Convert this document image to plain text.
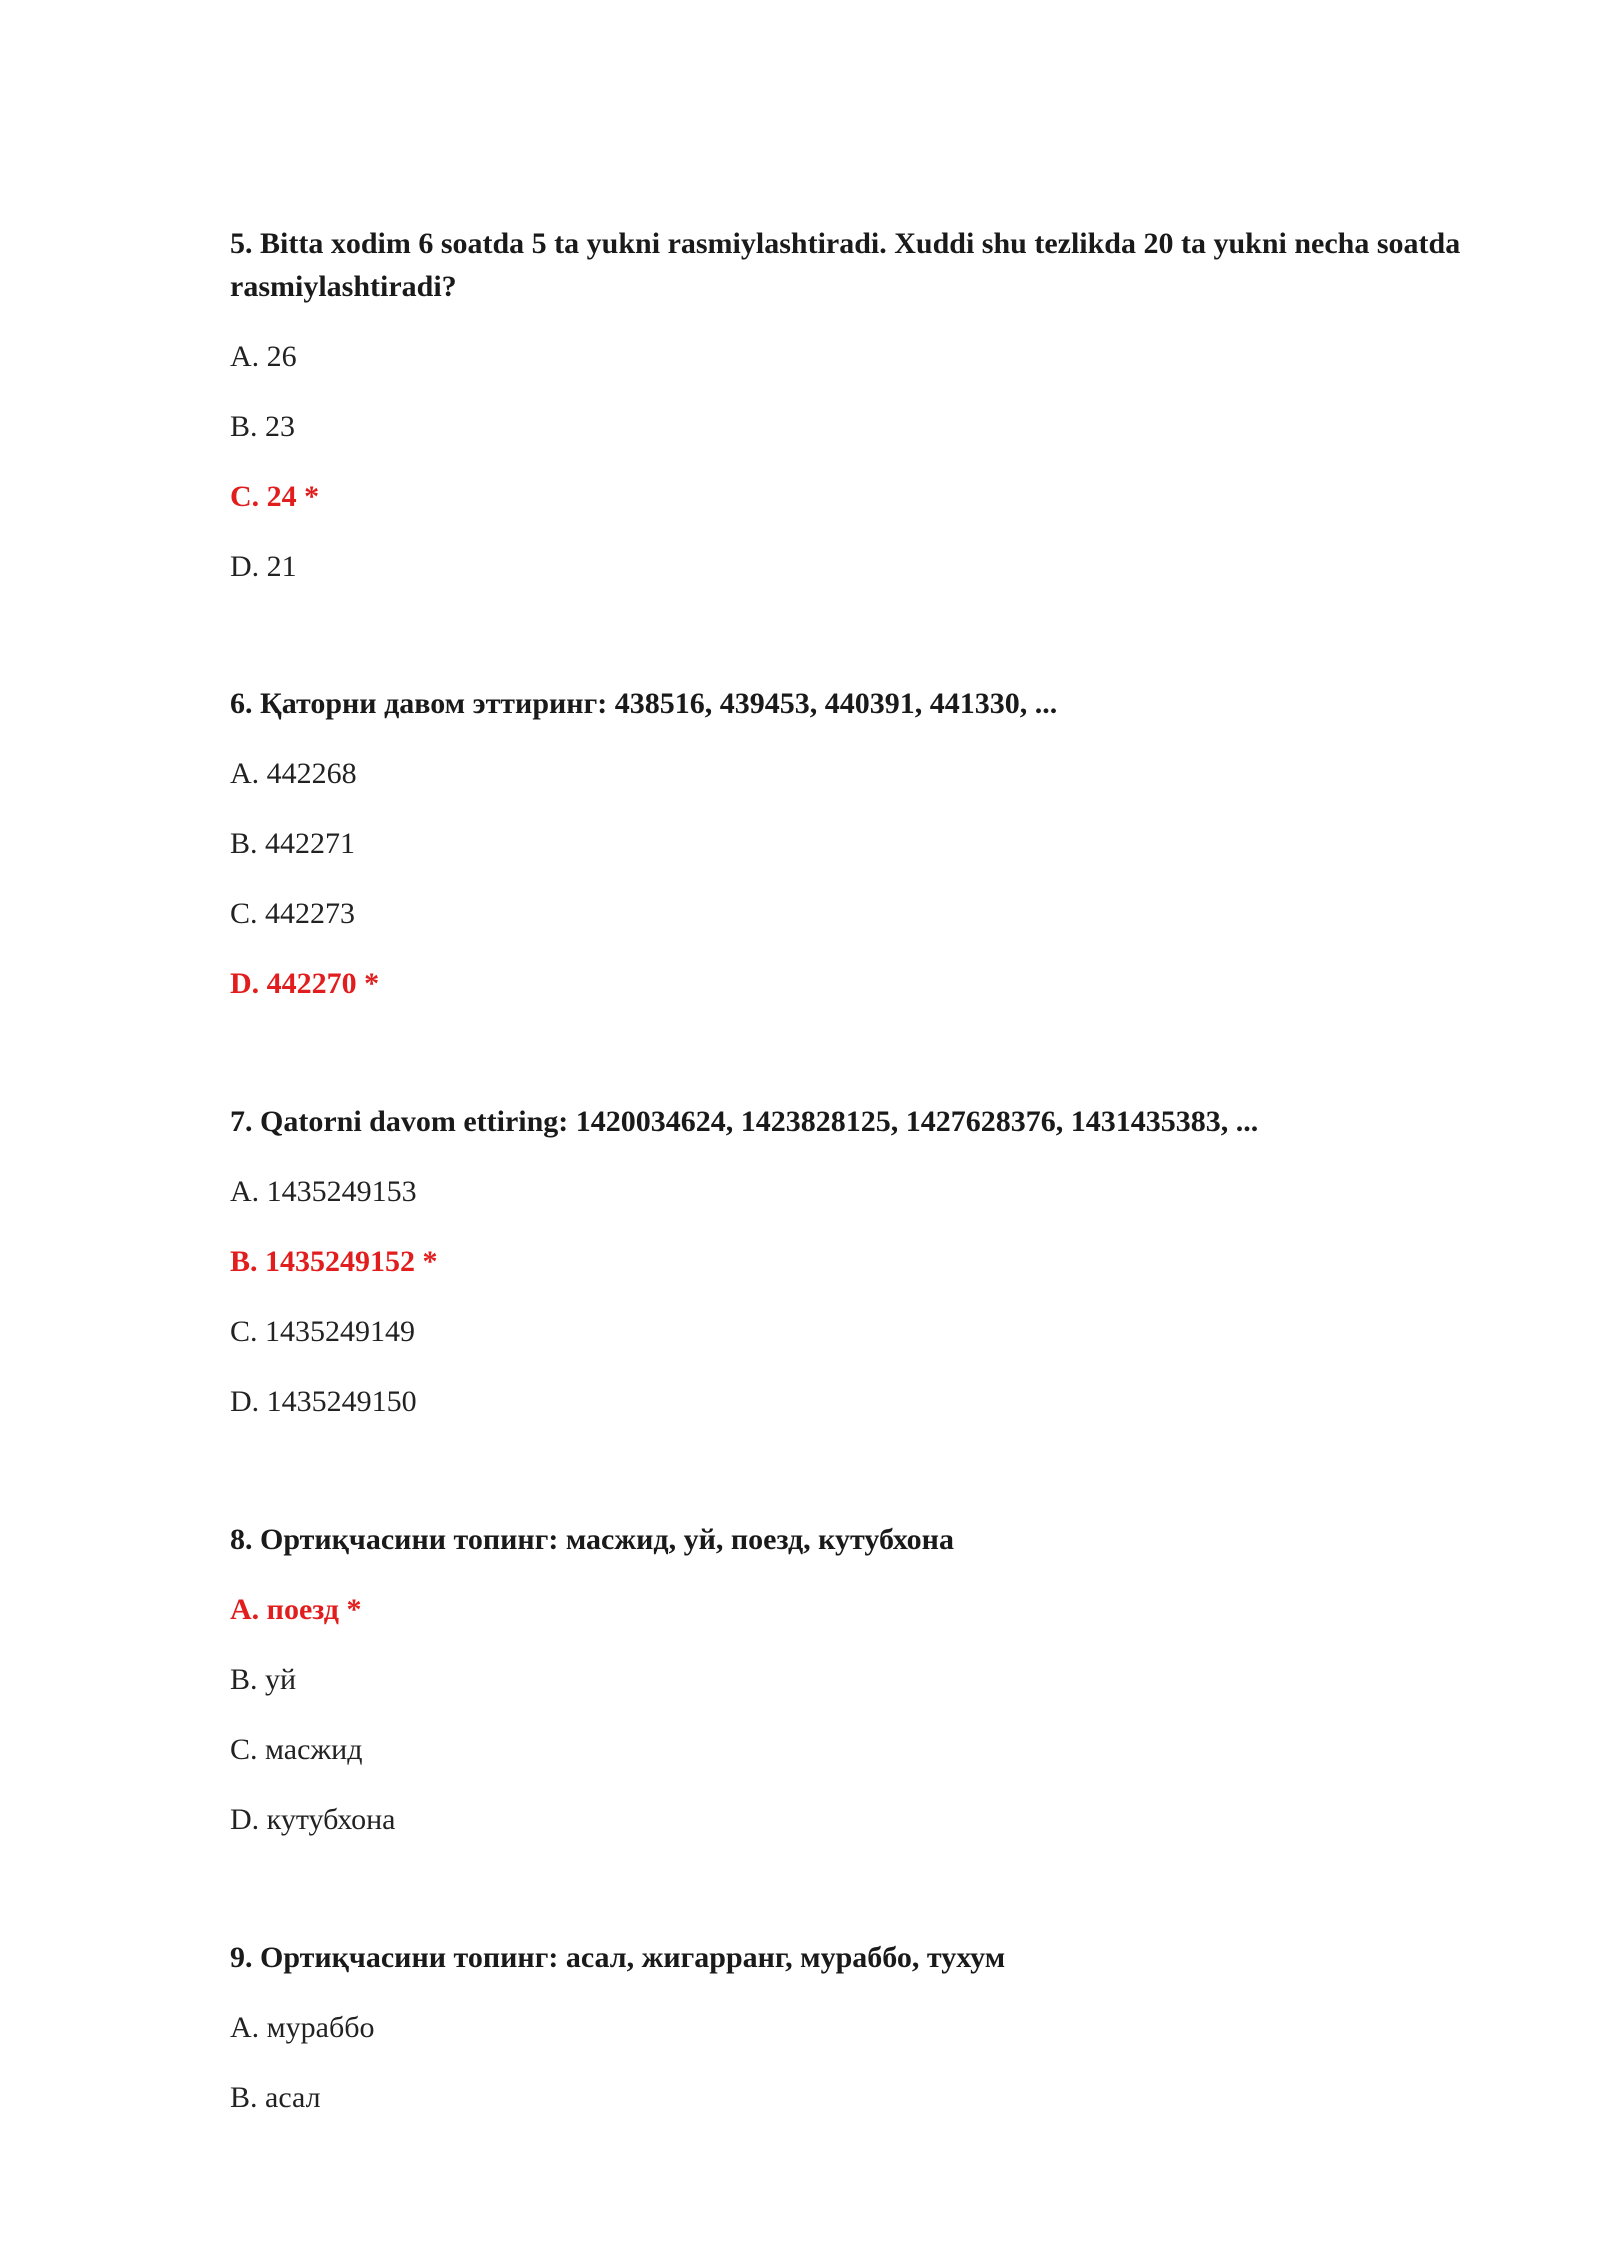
5. Bitta xodim 6 soatda 5 ta yukni rasmiylashtiradi. Xuddi shu tezlikda 20 ta yukni necha soatda rasmiylashtiradi?

A. 26

B. 23

C. 24 *

D. 21

6. Қаторни давом эттиринг: 438516, 439453, 440391, 441330, ...

A. 442268

B. 442271

C. 442273

D. 442270 *

7. Qatorni davom ettiring: 1420034624, 1423828125, 1427628376, 1431435383, ...

A. 1435249153

B. 1435249152 *

C. 1435249149

D. 1435249150

8. Ортиқчасини топинг: масжид, уй, поезд, кутубхона

A. поезд *

B. уй

C. масжид

D. кутубхона

9. Ортиқчасини топинг: асал, жигарранг, мураббо, тухум

A. мураббо

B. асал
